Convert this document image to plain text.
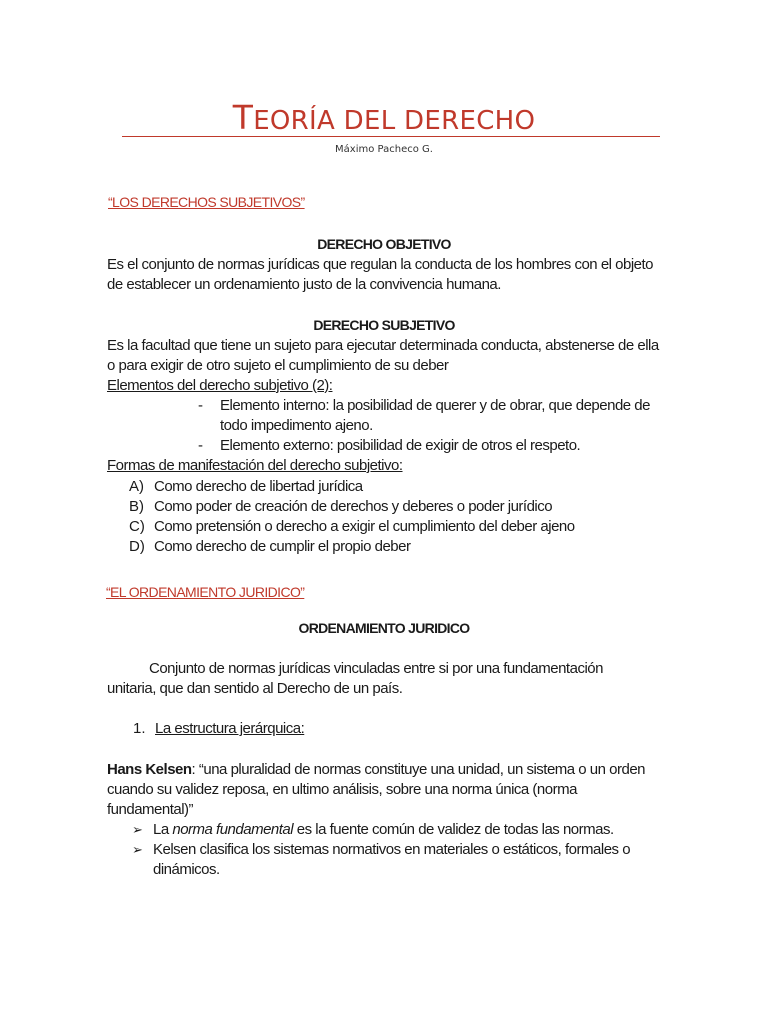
TEORÍA DEL DERECHO
Máximo Pacheco G.
“LOS DERECHOS SUBJETIVOS”
DERECHO OBJETIVO
Es el conjunto de normas jurídicas que regulan la conducta de los hombres con el objeto de establecer un ordenamiento justo de la convivencia humana.
DERECHO SUBJETIVO
Es la facultad que tiene un sujeto para ejecutar determinada conducta, abstenerse de ella o para exigir de otro sujeto el cumplimiento de su deber
Elementos del derecho subjetivo (2):
- Elemento interno: la posibilidad de querer y de obrar, que depende de todo impedimento ajeno.
- Elemento externo: posibilidad de exigir de otros el respeto.
Formas de manifestación del derecho subjetivo:
A) Como derecho de libertad jurídica
B) Como poder de creación de derechos y deberes o poder jurídico
C) Como pretensión o derecho a exigir el cumplimiento del deber ajeno
D) Como derecho de cumplir el propio deber
“EL ORDENAMIENTO JURIDICO”
ORDENAMIENTO JURIDICO
Conjunto de normas jurídicas vinculadas entre si por una fundamentación unitaria, que dan sentido al Derecho de un país.
1. La estructura jerárquica:
Hans Kelsen: “una pluralidad de normas constituye una unidad, un sistema o un orden cuando su validez reposa, en ultimo análisis, sobre una norma única (norma fundamental)”
➢ La norma fundamental es la fuente común de validez de todas las normas.
➢ Kelsen clasifica los sistemas normativos en materiales o estáticos, formales o dinámicos.
